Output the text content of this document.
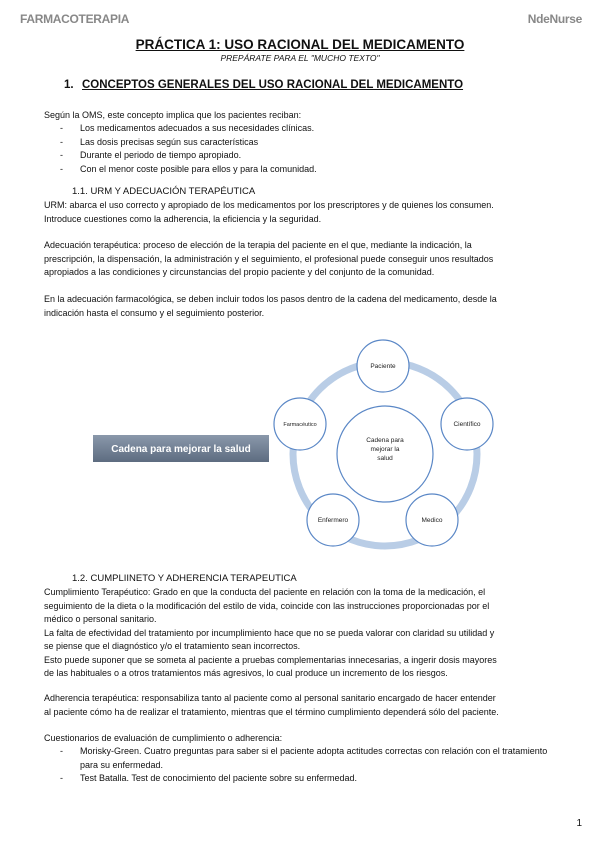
FARMACOTERAPIA	NdeNurse
PRÁCTICA 1: USO RACIONAL DEL MEDICAMENTO
PREPÁRATE PARA EL "MUCHO TEXTO"
1. CONCEPTOS GENERALES DEL USO RACIONAL DEL MEDICAMENTO
Según la OMS, este concepto implica que los pacientes reciban:
- Los medicamentos adecuados a sus necesidades clínicas.
- Las dosis precisas según sus características
- Durante el periodo de tiempo apropiado.
- Con el menor coste posible para ellos y para la comunidad.
1.1. URM Y ADECUACIÓN TERAPÉUTICA
URM: abarca el uso correcto y apropiado de los medicamentos por los prescriptores y de quienes los consumen.
Introduce cuestiones como la adherencia, la eficiencia y la seguridad.
Adecuación terapéutica: proceso de elección de la terapia del paciente en el que, mediante la indicación, la
prescripción, la dispensación, la administración y el seguimiento, el profesional puede conseguir unos resultados
apropiados a las condiciones y circunstancias del propio paciente y del conjunto de la comunidad.
En la adecuación farmacológica, se deben incluir todos los pasos dentro de la cadena del medicamento, desde la
indicación hasta el consumo y el seguimiento posterior.
Cadena para
mejorar la
salud
Paciente
Científico
Medico
Enfermero
Farmacéutico
Cadena para mejorar la salud
1.2. CUMPLIINETO Y ADHERENCIA TERAPEUTICA
Cumplimiento Terapéutico: Grado en que la conducta del paciente en relación con la toma de la medicación, el
seguimiento de la dieta o la modificación del estilo de vida, coincide con las instrucciones proporcionadas por el
médico o personal sanitario.
La falta de efectividad del tratamiento por incumplimiento hace que no se pueda valorar con claridad su utilidad y
se piense que el diagnóstico y/o el tratamiento sean incorrectos.
Esto puede suponer que se someta al paciente a pruebas complementarias innecesarias, a ingerir dosis mayores
de las habituales o a otros tratamientos más agresivos, lo cual produce un incremento de los riesgos.
Adherencia terapéutica: responsabiliza tanto al paciente como al personal sanitario encargado de hacer entender
al paciente cómo ha de realizar el tratamiento, mientras que el término cumplimiento dependerá sólo del paciente.
Cuestionarios de evaluación de cumplimiento o adherencia:
- Morisky-Green. Cuatro preguntas para saber si el paciente adopta actitudes correctas con relación con el tratamiento para su enfermedad.
- Test Batalla. Test de conocimiento del paciente sobre su enfermedad.
1
